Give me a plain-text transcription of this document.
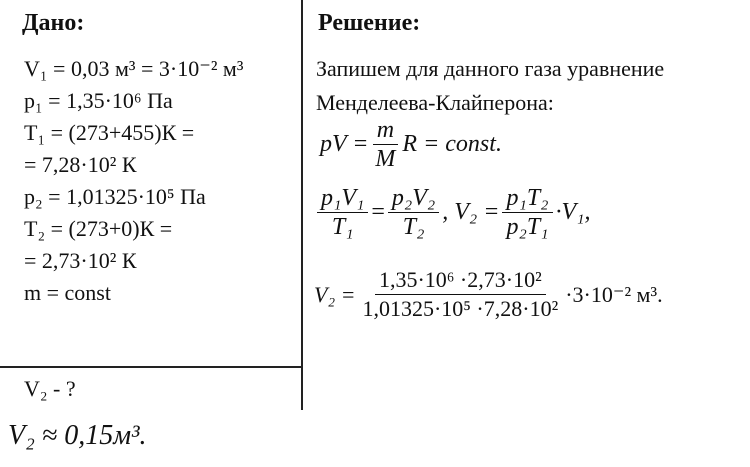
Дано:
V₁ = 0,03 м³ = 3·10⁻² м³
p₁ = 1,35·10⁶ Па
T₁ = (273+455)К =
= 7,28·10² К
p₂ = 1,01325·10⁵ Па
T₂ = (273+0)К =
= 2,73·10² К
m = const
V₂ - ?
V₂ ≈ 0,15м³.
Решение:
Запишем для данного газа уравнение
Менделеева-Клайперона:
pV = $\frac{m}{M}$ R = const.
$\frac{\text{p₁V₁}}{\text{T₁}} = \frac{\text{p₂V₂}}{\text{T₂}}$ , $V_2 = \frac{\text{p₁T₂}}{\text{p₂T₁}} \cdot V_1$,
$V_2 = \frac{\text{1,35·10⁶ ·2,73·10²}}{\text{1,01325·10⁵ ·7,28·10²}} \cdot 3\cdot 10^{-2}$ м³.
